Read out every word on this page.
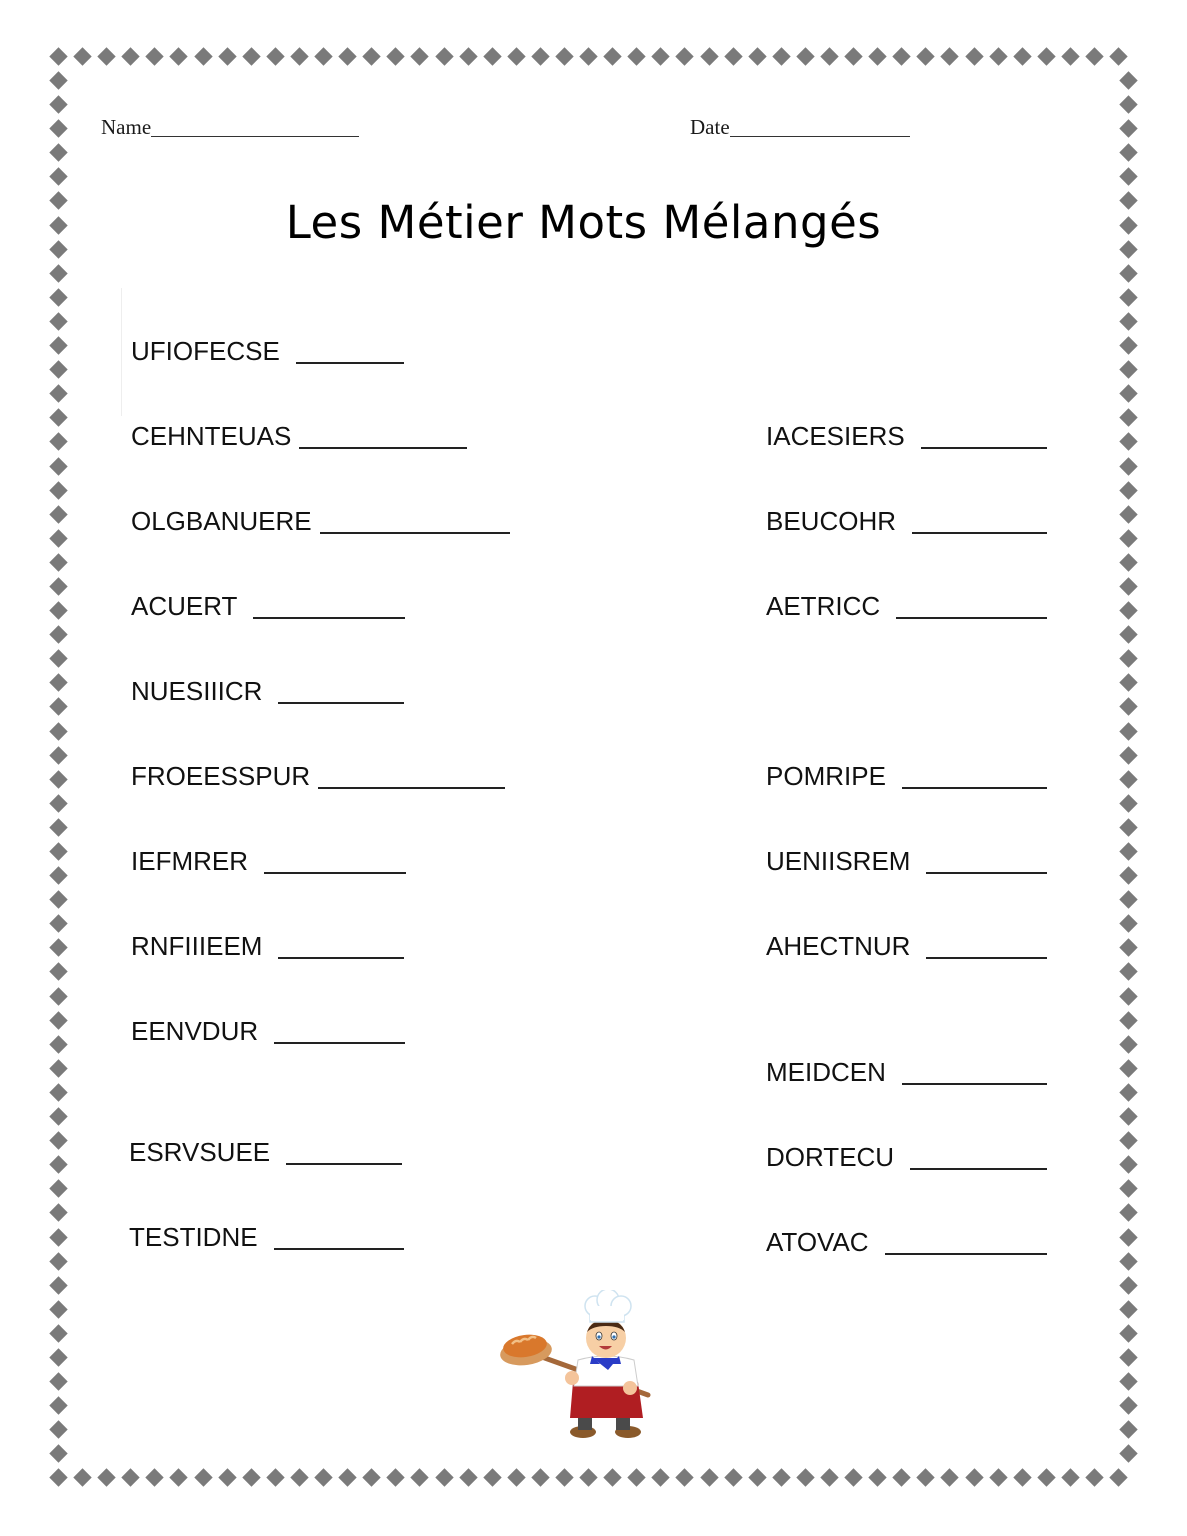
Name	Date
Les Métier Mots Mélangés
UFIOFECSE
CEHNTEUAS
OLGBANUERE
ACUERT
NUESIIICR
FROEESSPUR
IEFMRER
RNFIIIEEM
EENVDUR
ESRVSUEE
TESTIDNE
IACESIERS
BEUCOHR
AETRICC
POMRIPE
UENIISREM
AHECTNUR
MEIDCEN
DORTECU
ATOVAC
